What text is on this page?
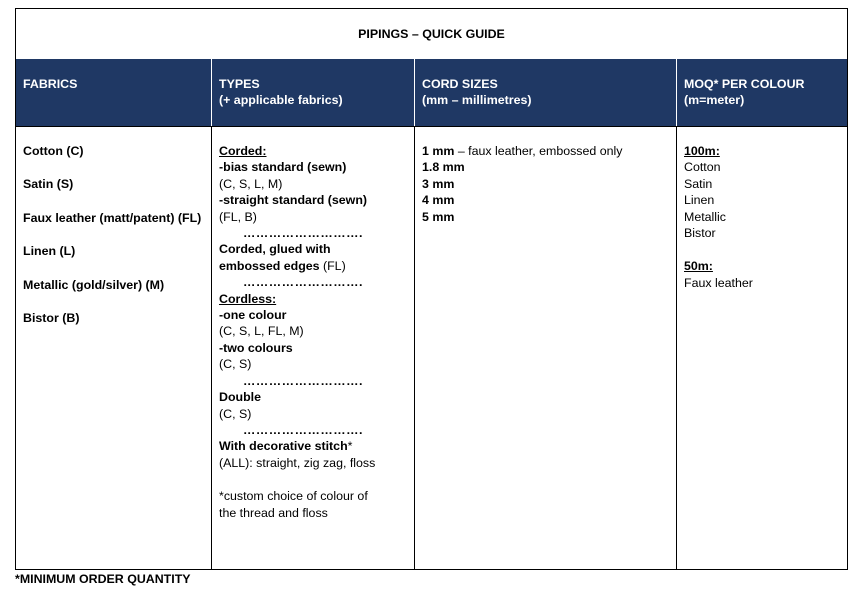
PIPINGS – QUICK GUIDE
FABRICS	TYPES
(+ applicable fabrics)
CORD SIZES
(mm – millimetres)
MOQ* PER COLOUR
(m=meter)
Cotton (C)
Satin (S)
Faux leather (matt/patent) (FL)
Linen (L)
Metallic (gold/silver) (M)
Bistor (B)
Corded:
-bias standard (sewn)
(C, S, L, M)
-straight standard (sewn)
(FL, B)
……………………….
Corded, glued with
embossed edges (FL)
……………………….
Cordless:
-one colour
(C, S, L, FL, M)
-two colours
(C, S)
……………………….
Double
(C, S)
……………………….
With decorative stitch*
(ALL): straight, zig zag, floss
*custom choice of colour of
the thread and floss
1 mm – faux leather, embossed only
1.8 mm
3 mm
4 mm
5 mm
100m:
Cotton
Satin
Linen
Metallic
Bistor
50m:
Faux leather
*MINIMUM ORDER QUANTITY
